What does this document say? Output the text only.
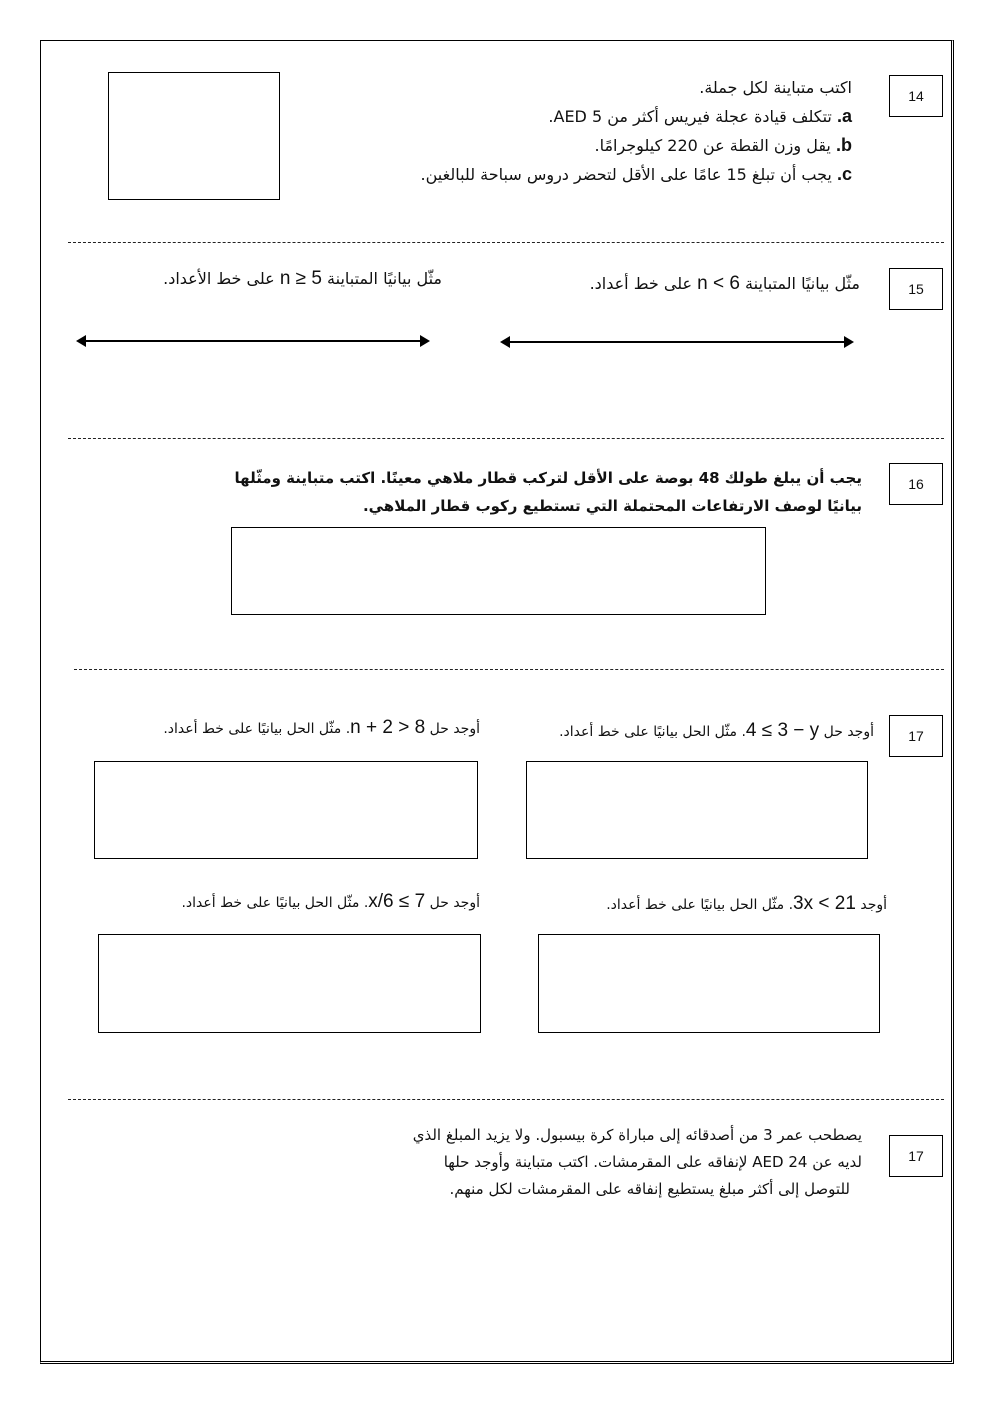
14
اكتب متباينة لكل جملة.
a. تتكلف قيادة عجلة فيريس أكثر من AED 5.
b. يقل وزن القطة عن 220 كيلوجرامًا.
c. يجب أن تبلغ 15 عامًا على الأقل لتحضر دروس سباحة للبالغين.
15
مثّل بيانيًا المتباينة n < 6 على خط أعداد.
مثّل بيانيًا المتباينة n ≥ 5 على خط الأعداد.
16
يجب أن يبلغ طولك 48 بوصة على الأقل لتركب قطار ملاهي معينًا. اكتب متباينة ومثّلها بيانيًا لوصف الارتفاعات المحتملة التي تستطيع ركوب قطار الملاهي.
17
أوجد حل 4 ≤ 3 − y. مثّل الحل بيانيًا على خط أعداد.
أوجد حل n + 2 > 8. مثّل الحل بيانيًا على خط أعداد.
أوجد 3x < 21. مثّل الحل بيانيًا على خط أعداد.
أوجد حل x/6 ≤ 7. مثّل الحل بيانيًا على خط أعداد.
17
يصطحب عمر 3 من أصدقائه إلى مباراة كرة بيسبول. ولا يزيد المبلغ الذي
لديه عن AED 24 لإنفاقه على المقرمشات. اكتب متباينة وأوجد حلها
للتوصل إلى أكثر مبلغ يستطيع إنفاقه على المقرمشات لكل منهم.
